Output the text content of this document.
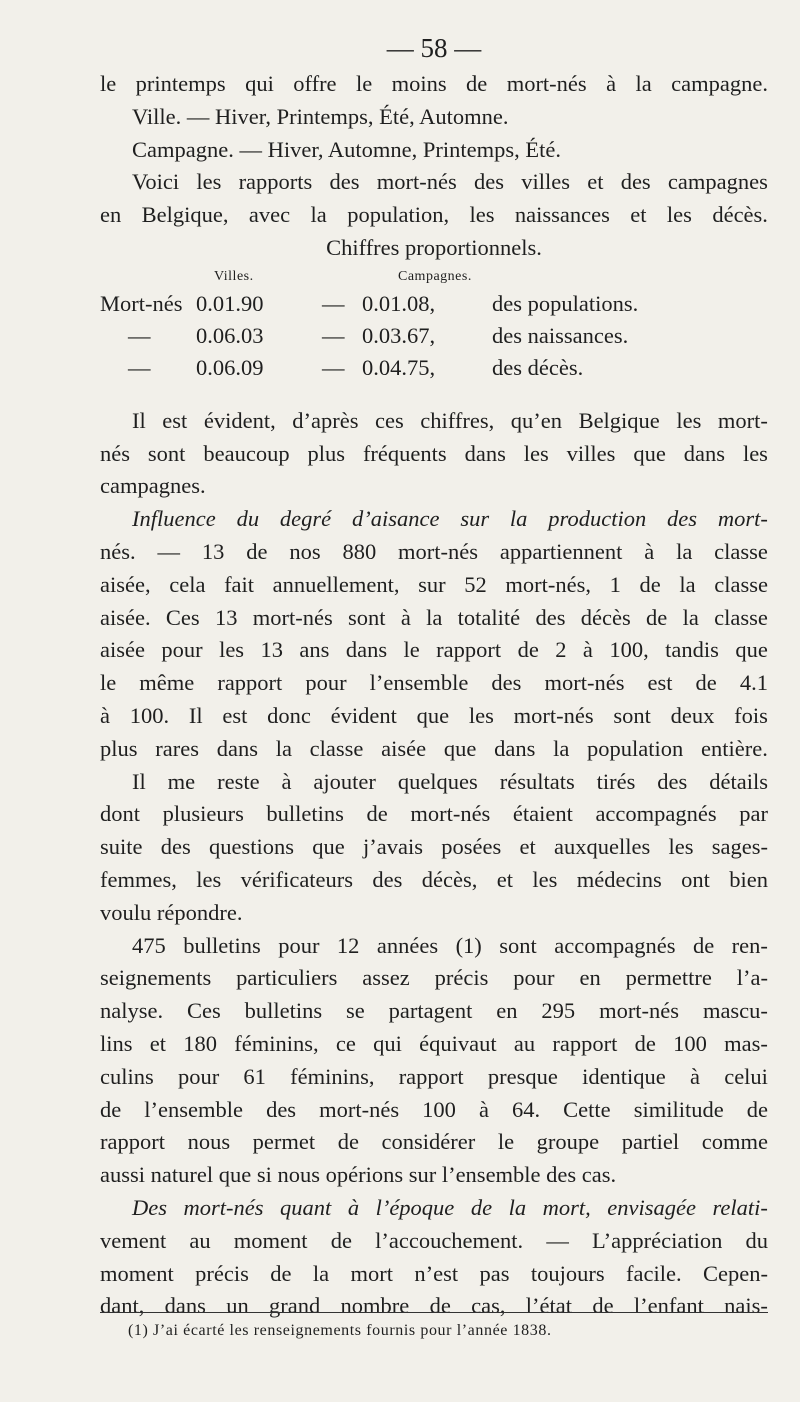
— 58 —
le printemps qui offre le moins de mort-nés à la campagne.
Ville. — Hiver, Printemps, Été, Automne.
Campagne. — Hiver, Automne, Printemps, Été.
Voici les rapports des mort-nés des villes et des campagnes
en Belgique, avec la population, les naissances et les décès.
Chiffres proportionnels.
Villes.	Campagnes.
Mort-nés 0.01.90	— 0.01.08,	des populations.
— 0.06.03	— 0.03.67,	des naissances.
— 0.06.09	— 0.04.75,	des décès.
Il est évident, d’après ces chiffres, qu’en Belgique les mort-
nés sont beaucoup plus fréquents dans les villes que dans les
campagnes.
Influence du degré d’aisance sur la production des mort-
nés. — 13 de nos 880 mort-nés appartiennent à la classe
aisée, cela fait annuellement, sur 52 mort-nés, 1 de la classe
aisée. Ces 13 mort-nés sont à la totalité des décès de la classe
aisée pour les 13 ans dans le rapport de 2 à 100, tandis que
le même rapport pour l’ensemble des mort-nés est de 4.1
à 100. Il est donc évident que les mort-nés sont deux fois
plus rares dans la classe aisée que dans la population entière.
Il me reste à ajouter quelques résultats tirés des détails
dont plusieurs bulletins de mort-nés étaient accompagnés par
suite des questions que j’avais posées et auxquelles les sages-
femmes, les vérificateurs des décès, et les médecins ont bien
voulu répondre.
475 bulletins pour 12 années (1) sont accompagnés de ren-
seignements particuliers assez précis pour en permettre l’a-
nalyse. Ces bulletins se partagent en 295 mort-nés mascu-
lins et 180 féminins, ce qui équivaut au rapport de 100 mas-
culins pour 61 féminins, rapport presque identique à celui
de l’ensemble des mort-nés 100 à 64. Cette similitude de
rapport nous permet de considérer le groupe partiel comme
aussi naturel que si nous opérions sur l’ensemble des cas.
Des mort-nés quant à l’époque de la mort, envisagée relati-
vement au moment de l’accouchement. — L’appréciation du
moment précis de la mort n’est pas toujours facile. Cepen-
dant, dans un grand nombre de cas, l’état de l’enfant nais-
(1) J’ai écarté les renseignements fournis pour l’année 1838.
